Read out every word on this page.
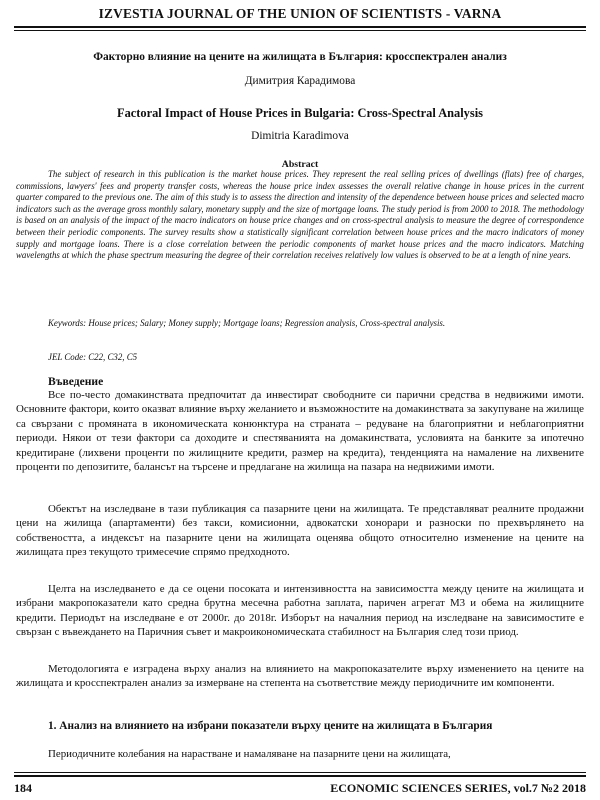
IZVESTIA JOURNAL OF THE UNION OF SCIENTISTS - VARNA
Факторно влияние на цените на жилищата в България: кросспектрален анализ
Димитрия Карадимова
Factoral Impact of House Prices in Bulgaria: Cross-Spectral Analysis
Dimitria Karadimova
Abstract

The subject of research in this publication is the market house prices. They represent the real selling prices of dwellings (flats) free of charges, commissions, lawyers' fees and property transfer costs, whereas the house price index assesses the overall relative change in house prices in the current quarter compared to the previous one. The aim of this study is to assess the direction and intensity of the dependence between house prices and selected macro indicators such as the average gross monthly salary, monetary supply and the size of mortgage loans. The study period is from 2000 to 2018. The methodology is based on an analysis of the impact of the macro indicators on house price changes and on cross-spectral analysis to measure the degree of correspondence between their periodic components. The survey results show a statistically significant correlation between house prices and the macro indicators of money supply and mortgage loans. There is a close correlation between the periodic components of market house prices and the macro indicators. Matching wavelengths at which the phase spectrum measuring the degree of their correlation receives relatively low values is observed to be at a length of nine years.

Keywords: House prices; Salary; Money supply; Mortgage loans; Regression analysis, Cross-spectral analysis.

JEL Code: C22, C32, C5

Въведение

Все по-често домакинствата предпочитат да инвестират свободните си парични средства в недвижими имоти. Основните фактори, които оказват влияние върху желанието и възможностите на домакинствата за закупуване на жилище са свързани с промяната в икономическата конюнктура на страната – редуване на благоприятни и неблагоприятни периоди. Някои от тези фактори са доходите и спестяванията на домакинствата, условията на банките за ипотечно кредитиране (лихвени проценти по жилищните кредити, размер на кредита), тенденцията на намаление на лихвените проценти по депозитите, балансът на търсене и предлагане на жилища на пазара на недвижими имоти.

Обектът на изследване в тази публикация са пазарните цени на жилищата. Те представляват реалните продажни цени на жилища (апартаменти) без такси, комисионни, адвокатски хонорари и разноски по прехвърлянето на собствеността, а индексът на пазарните цени на жилищата оценява общото относително изменение на цените на жилищата през текущото тримесечие спрямо предходното.

Целта на изследването е да се оцени посоката и интензивността на зависимостта между цените на жилищата и избрани макропоказатели като средна брутна месечна работна заплата, паричен агрегат М3 и обема на жилищните кредити. Периодът на изследване е от 2000г. до 2018г. Изборът на началния период на изследване на зависимостите е свързан с въвеждането на Паричния съвет и макроикономическата стабилност на България след този приод.

Методологията е изградена върху анализ на влиянието на макропоказателите върху изменението на цените на жилищата и кросспектрален анализ за измерване на степента на съответствие между периодичните им компоненти.

1. Анализ на влиянието на избрани показатели върху цените на жилищата в България

Периодичните колебания на нарастване и намаляване на пазарните цени на жилищата,

184	ECONOMIC SCIENCES SERIES, vol.7 №2 2018
